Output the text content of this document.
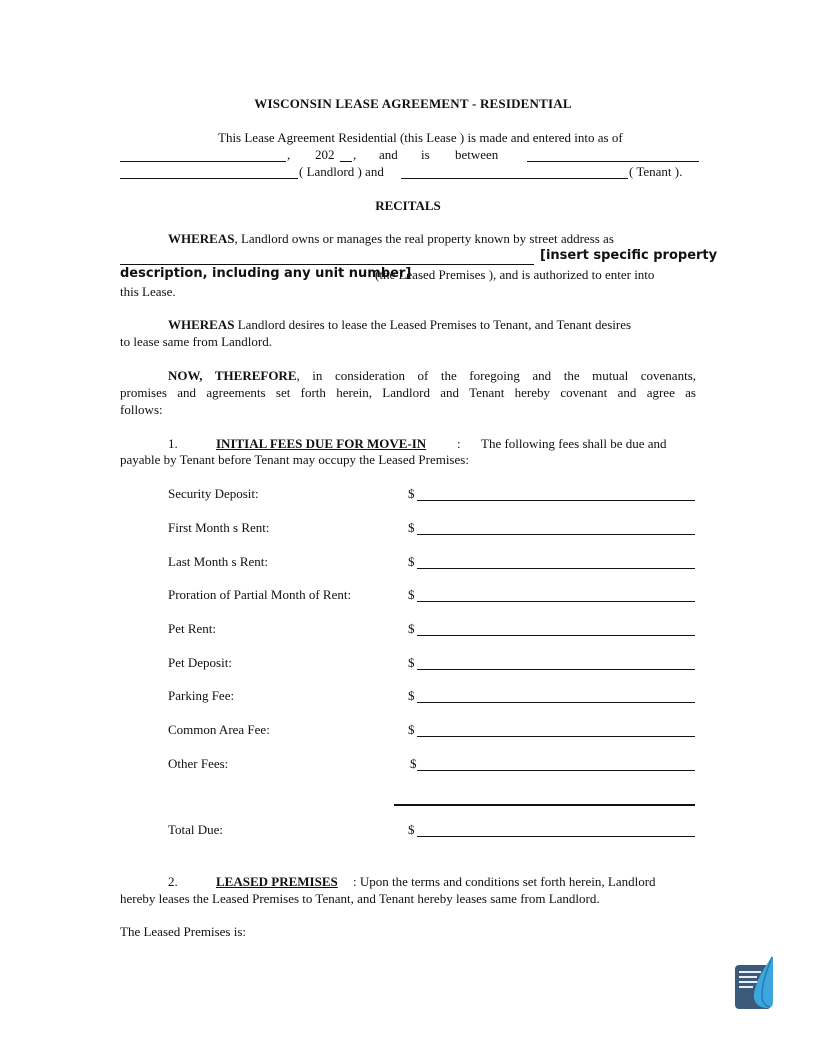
WISCONSIN LEASE AGREEMENT - RESIDENTIAL
This Lease Agreement Residential (this Lease ) is made and entered into as of
, 202 , and is between
( Landlord ) and	( Tenant ).
RECITALS
WHEREAS, Landlord owns or manages the real property known by street address as
[insert specific property
description, including any unit number]
(the Leased Premises ), and is authorized to enter into
this Lease.
WHEREAS Landlord desires to lease the Leased Premises to Tenant, and Tenant desires
to lease same from Landlord.
NOW, THEREFORE, in consideration of the foregoing and the mutual covenants,
promises and agreements set forth herein, Landlord and Tenant hereby covenant and agree as
follows:
1.	INITIAL FEES DUE FOR MOVE-IN : The following fees shall be due and
payable by Tenant before Tenant may occupy the Leased Premises:
Security Deposit:	$
First Month s Rent:	$
Last Month s Rent:	$
Proration of Partial Month of Rent:	$
Pet Rent:	$
Pet Deposit:	$
Parking Fee:	$
Common Area Fee:	$
Other Fees:	$
Total Due:	$
2.	LEASED PREMISES : Upon the terms and conditions set forth herein, Landlord
hereby leases the Leased Premises to Tenant, and Tenant hereby leases same from Landlord.
The Leased Premises is:
